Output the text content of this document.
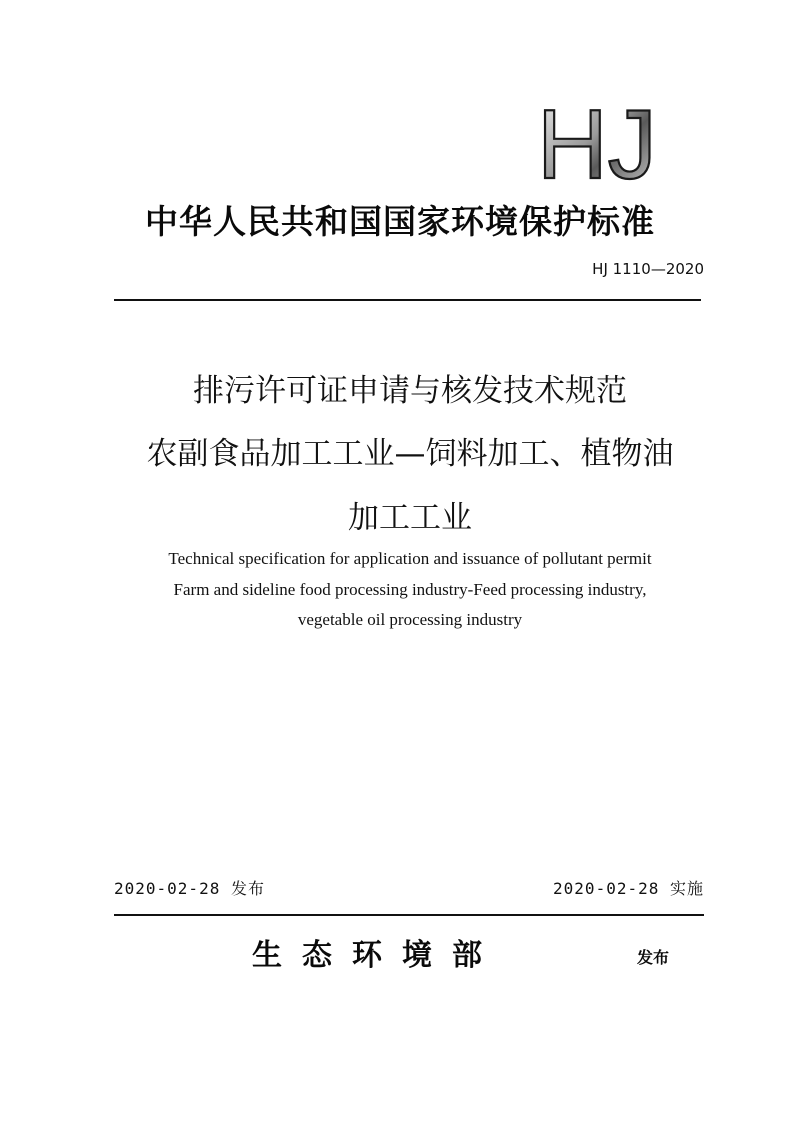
HJ
中华人民共和国国家环境保护标准
HJ 1110—2020
排污许可证申请与核发技术规范
农副食品加工工业—饲料加工、植物油
加工工业
Technical specification for application and issuance of pollutant permit
Farm and sideline food processing industry-Feed processing industry,
vegetable oil processing industry
2020-02-28 发布	2020-02-28 实施
生态环境部	发布
